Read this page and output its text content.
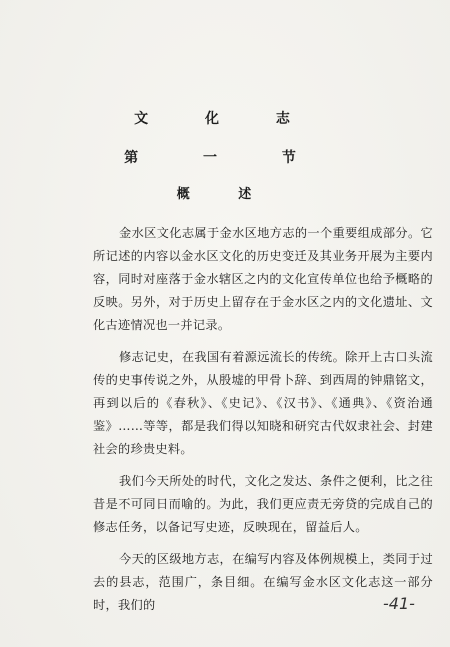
文 化 志
第 一 节
概 述

金水区文化志属于金水区地方志的一个重要组成部分。它所记述的内容以金水区文化的历史变迁及其业务开展为主要内容，同时对座落于金水辖区之内的文化宣传单位也给予概略的反映。另外，对于历史上留存在于金水区之内的文化遗址、文化古迹情况也一并记录。

修志记史，在我国有着源远流长的传统。除开上古口头流传的史事传说之外，从殷墟的甲骨卜辞、到西周的钟鼎铭文，再到以后的《春秋》、《史记》、《汉书》、《通典》、《资治通鉴》……等等，都是我们得以知晓和研究古代奴隶社会、封建社会的珍贵史料。

我们今天所处的时代，文化之发达、条件之便利，比之往昔是不可同日而喻的。为此，我们更应责无旁贷的完成自己的修志任务，以备记写史迹，反映现在，留益后人。

今天的区级地方志，在编写内容及体例规模上，类同于过去的县志，范围广，条目细。在编写金水区文化志这一部分时，我们的	-41-
